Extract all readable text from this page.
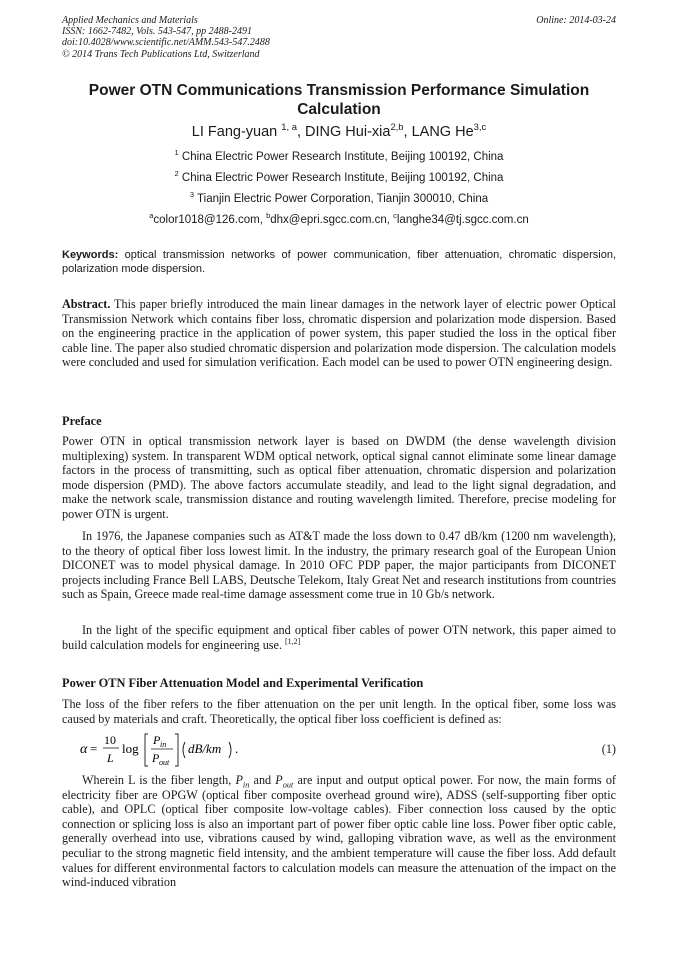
Applied Mechanics and Materials
ISSN: 1662-7482, Vols. 543-547, pp 2488-2491
doi:10.4028/www.scientific.net/AMM.543-547.2488
© 2014 Trans Tech Publications Ltd, Switzerland
Online: 2014-03-24
Power OTN Communications Transmission Performance Simulation
Calculation
LI Fang-yuan $^{1, a}$, DING Hui-xia$^{2,b}$, LANG He$^{3,c}$
$^1$ China Electric Power Research Institute, Beijing 100192, China
$^2$ China Electric Power Research Institute, Beijing 100192, China
$^3$ Tianjin Electric Power Corporation, Tianjin 300010, China
$^a$color1018@126.com, $^b$dhx@epri.sgcc.com.cn, $^c$langhe34@tj.sgcc.com.cn
Keywords: optical transmission networks of power communication, fiber attenuation, chromatic dispersion, polarization mode dispersion.
Abstract. This paper briefly introduced the main linear damages in the network layer of electric power Optical Transmission Network which contains fiber loss, chromatic dispersion and polarization mode dispersion. Based on the engineering practice in the application of power system, this paper studied the loss in the optical fiber cable line. The paper also studied chromatic dispersion and polarization mode dispersion. The calculation models were concluded and used for simulation verification. Each model can be used to power OTN engineering design.
Preface
Power OTN in optical transmission network layer is based on DWDM (the dense wavelength division multiplexing) system. In transparent WDM optical network, optical signal cannot eliminate some linear damage factors in the process of transmitting, such as optical fiber attenuation, chromatic dispersion and polarization mode dispersion (PMD). The above factors accumulate steadily, and lead to the light signal degradation, and make the network scale, transmission distance and routing wavelength limited. Therefore, precise modeling for power OTN is urgent.
In 1976, the Japanese companies such as AT&T made the loss down to 0.47 dB/km (1200 nm wavelength), to the theory of optical fiber loss lowest limit. In the industry, the primary research goal of the European Union DICONET was to model physical damage. In 2010 OFC PDP paper, the major participants from DICONET projects including France Bell LABS, Deutsche Telekom, Italy Great Net and research institutions from countries such as Spain, Greece made real-time damage assessment come true in 10 Gb/s network.
In the light of the specific equipment and optical fiber cables of power OTN network, this paper aimed to build calculation models for engineering use. [1,2]
Power OTN Fiber Attenuation Model and Experimental Verification
The loss of the fiber refers to the fiber attenuation on the per unit length. In the optical fiber, some loss was caused by materials and craft. Theoretically, the optical fiber loss coefficient is defined as:
α =
10
L
log
P in
P out
dB/km .	(1)
Wherein L is the fiber length, $P_{in}$ and $P_{out}$ are input and output optical power. For now, the main forms of electricity fiber are OPGW (optical fiber composite overhead ground wire), ADSS (self-supporting fiber optic cable), and OPLC (optical fiber composite low-voltage cables). Fiber connection loss caused by the optic connection or splicing loss is also an important part of power fiber optic cable line loss. Power fiber optic cable, generally overhead into use, vibrations caused by wind, galloping vibration wave, as well as the environment peculiar to the strong magnetic field intensity, and the ambient temperature will cause the fiber loss. Add default values for different environmental factors to calculation models can measure the attenuation of the impact on the wind-induced vibration
